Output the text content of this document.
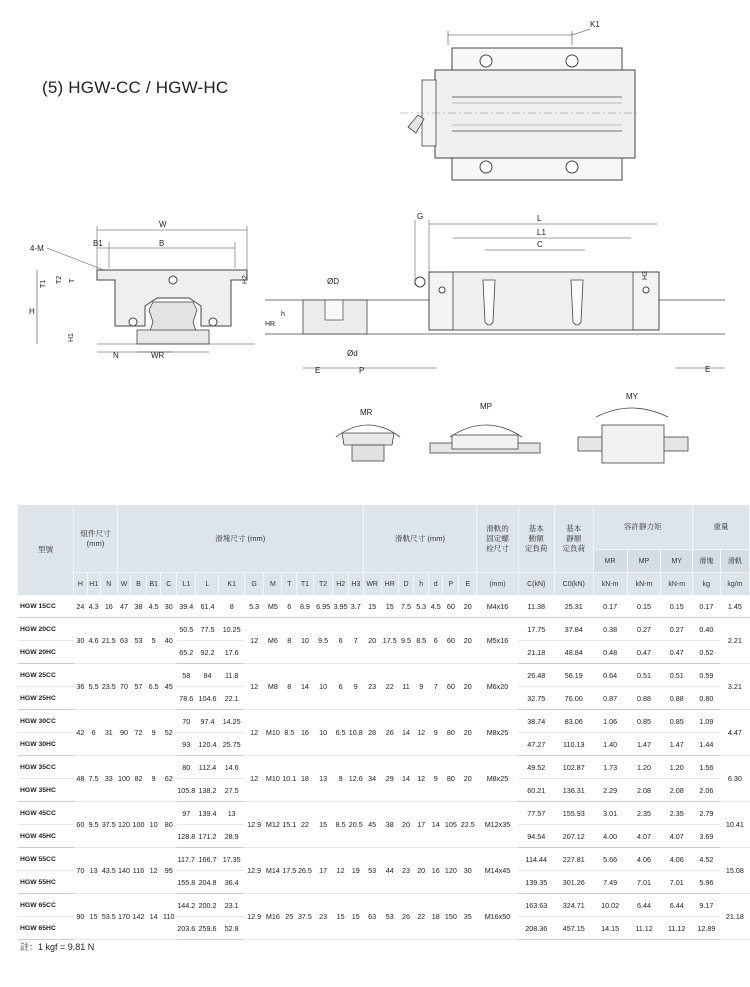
(5) HGW-CC / HGW-HC
K1
W
B1	B
4-M
T1 T2 T	H2
H
H1
N	WR
G	L
L1
C
ØD
h
HR
Ød
E	P	E
H3
MR
MP
MY
型號	組件尺寸
(mm)			滑塊尺寸 (mm)														滑軌尺寸 (mm)							滑軌的
固定螺
栓尺寸	基本
動額
定負荷	基本
靜額
定負荷	容許靜力矩			重量	
																												MR	MP	MY	滑塊	滑軌
	H	H1	N	W	B	B1	C	L1	L	K1	G	M	T	T1	T2	H2	H3	WR	HR	D	h	d	P	E	(mm)	C(kN)	C0(kN)	kN-m	kN-m	kN-m	kg	kg/m
HGW 15CC	24	4.3	16	47	38	4.5	30	39.4	61.4	8	5.3	M5	6	8.9	6.95	3.95	3.7	15	15	7.5	5.3	4.5	60	20	M4x16	11.38	25.31	0.17	0.15	0.15	0.17	1.45
HGW 20CC	30	4.6	21.5	63	53	5	40	50.5	77.5	10.25	12	M6	8	10	9.5	6	7	20	17.5	9.5	8.5	6	60	20	M5x16	17.75	37.84	0.38	0.27	0.27	0.40	2.21
HGW 20HC								65.2	92.2	17.6																21.18	48.84	0.48	0.47	0.47	0.52	
HGW 25CC	36	5.5	23.5	70	57	6.5	45	58	84	11.8	12	M8	8	14	10	6	9	23	22	11	9	7	60	20	M6x20	26.48	56.19	0.64	0.51	0.51	0.59	3.21
HGW 25HC								78.6	104.6	22.1																32.75	76.00	0.87	0.88	0.88	0.80	
HGW 30CC	42	6	31	90	72	9	52	70	97.4	14.25	12	M10	8.5	16	10	6.5	10.8	28	26	14	12	9	80	20	M8x25	38.74	83.06	1.06	0.85	0.85	1.09	4.47
HGW 30HC								93	120.4	25.75																47.27	110.13	1.40	1.47	1.47	1.44	
HGW 35CC	48	7.5	33	100	82	9	62	80	112.4	14.6	12	M10	10.1	18	13	9	12.6	34	29	14	12	9	80	20	M8x25	49.52	102.87	1.73	1.20	1.20	1.56	6.30
HGW 35HC								105.8	138.2	27.5																60.21	136.31	2.29	2.08	2.08	2.06	
HGW 45CC	60	9.5	37.5	120	100	10	80	97	139.4	13	12.9	M12	15.1	22	15	8.5	20.5	45	38	20	17	14	105	22.5	M12x35	77.57	155.93	3.01	2.35	2.35	2.79	10.41
HGW 45HC								128.8	171.2	28.9																94.54	207.12	4.00	4.07	4.07	3.69	
HGW 55CC	70	13	43.5	140	116	12	95	117.7	166.7	17.35	12.9	M14	17.5	26.5	17	12	19	53	44	23	20	16	120	30	M14x45	114.44	227.81	5.66	4.06	4.06	4.52	15.08
HGW 55HC								155.8	204.8	36.4																139.35	301.26	7.49	7.01	7.01	5.96	
HGW 65CC	90	15	53.5	170	142	14	110	144.2	200.2	23.1	12.9	M16	25	37.5	23	15	15	63	53	26	22	18	150	35	M16x50	163.63	324.71	10.02	6.44	6.44	9.17	21.18
HGW 65HC								203.6	259.6	52.8																208.36	457.15	14.15	11.12	11.12	12.89	
註：1 kgf = 9.81 N
